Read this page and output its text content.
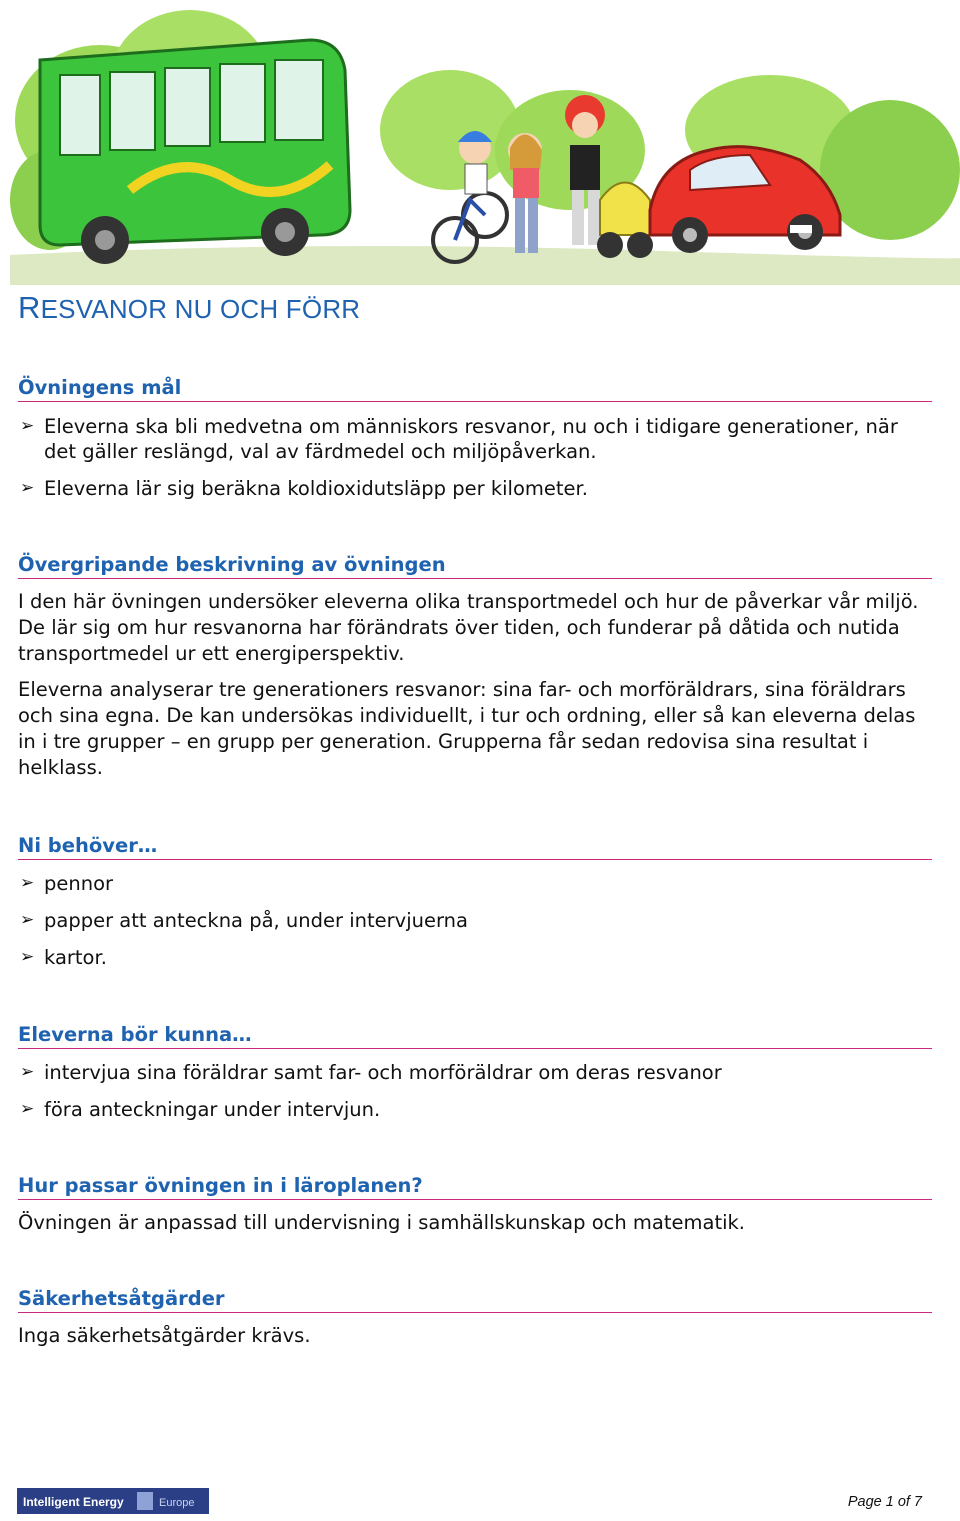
RESVANOR NU OCH FÖRR
Övningens mål
➢ Eleverna ska bli medvetna om människors resvanor, nu och i tidigare generationer, när det gäller reslängd, val av färdmedel och miljöpåverkan.
➢ Eleverna lär sig beräkna koldioxidutsläpp per kilometer.
Övergripande beskrivning av övningen

I den här övningen undersöker eleverna olika transportmedel och hur de påverkar vår miljö. De lär sig om hur resvanorna har förändrats över tiden, och funderar på dåtida och nutida transportmedel ur ett energiperspektiv.

Eleverna analyserar tre generationers resvanor: sina far- och morföräldrars, sina föräldrars och sina egna. De kan undersökas individuellt, i tur och ordning, eller så kan eleverna delas in i tre grupper – en grupp per generation. Grupperna får sedan redovisa sina resultat i helklass.

Ni behöver…
➢ pennor
➢ papper att anteckna på, under intervjuerna
➢ kartor.
Eleverna bör kunna…
➢ intervjua sina föräldrar samt far- och morföräldrar om deras resvanor
➢ föra anteckningar under intervjun.
Hur passar övningen in i läroplanen?

Övningen är anpassad till undervisning i samhällskunskap och matematik.

Säkerhetsåtgärder

Inga säkerhetsåtgärder krävs.

Intelligent Energy	Europe	Page 1 of 7
